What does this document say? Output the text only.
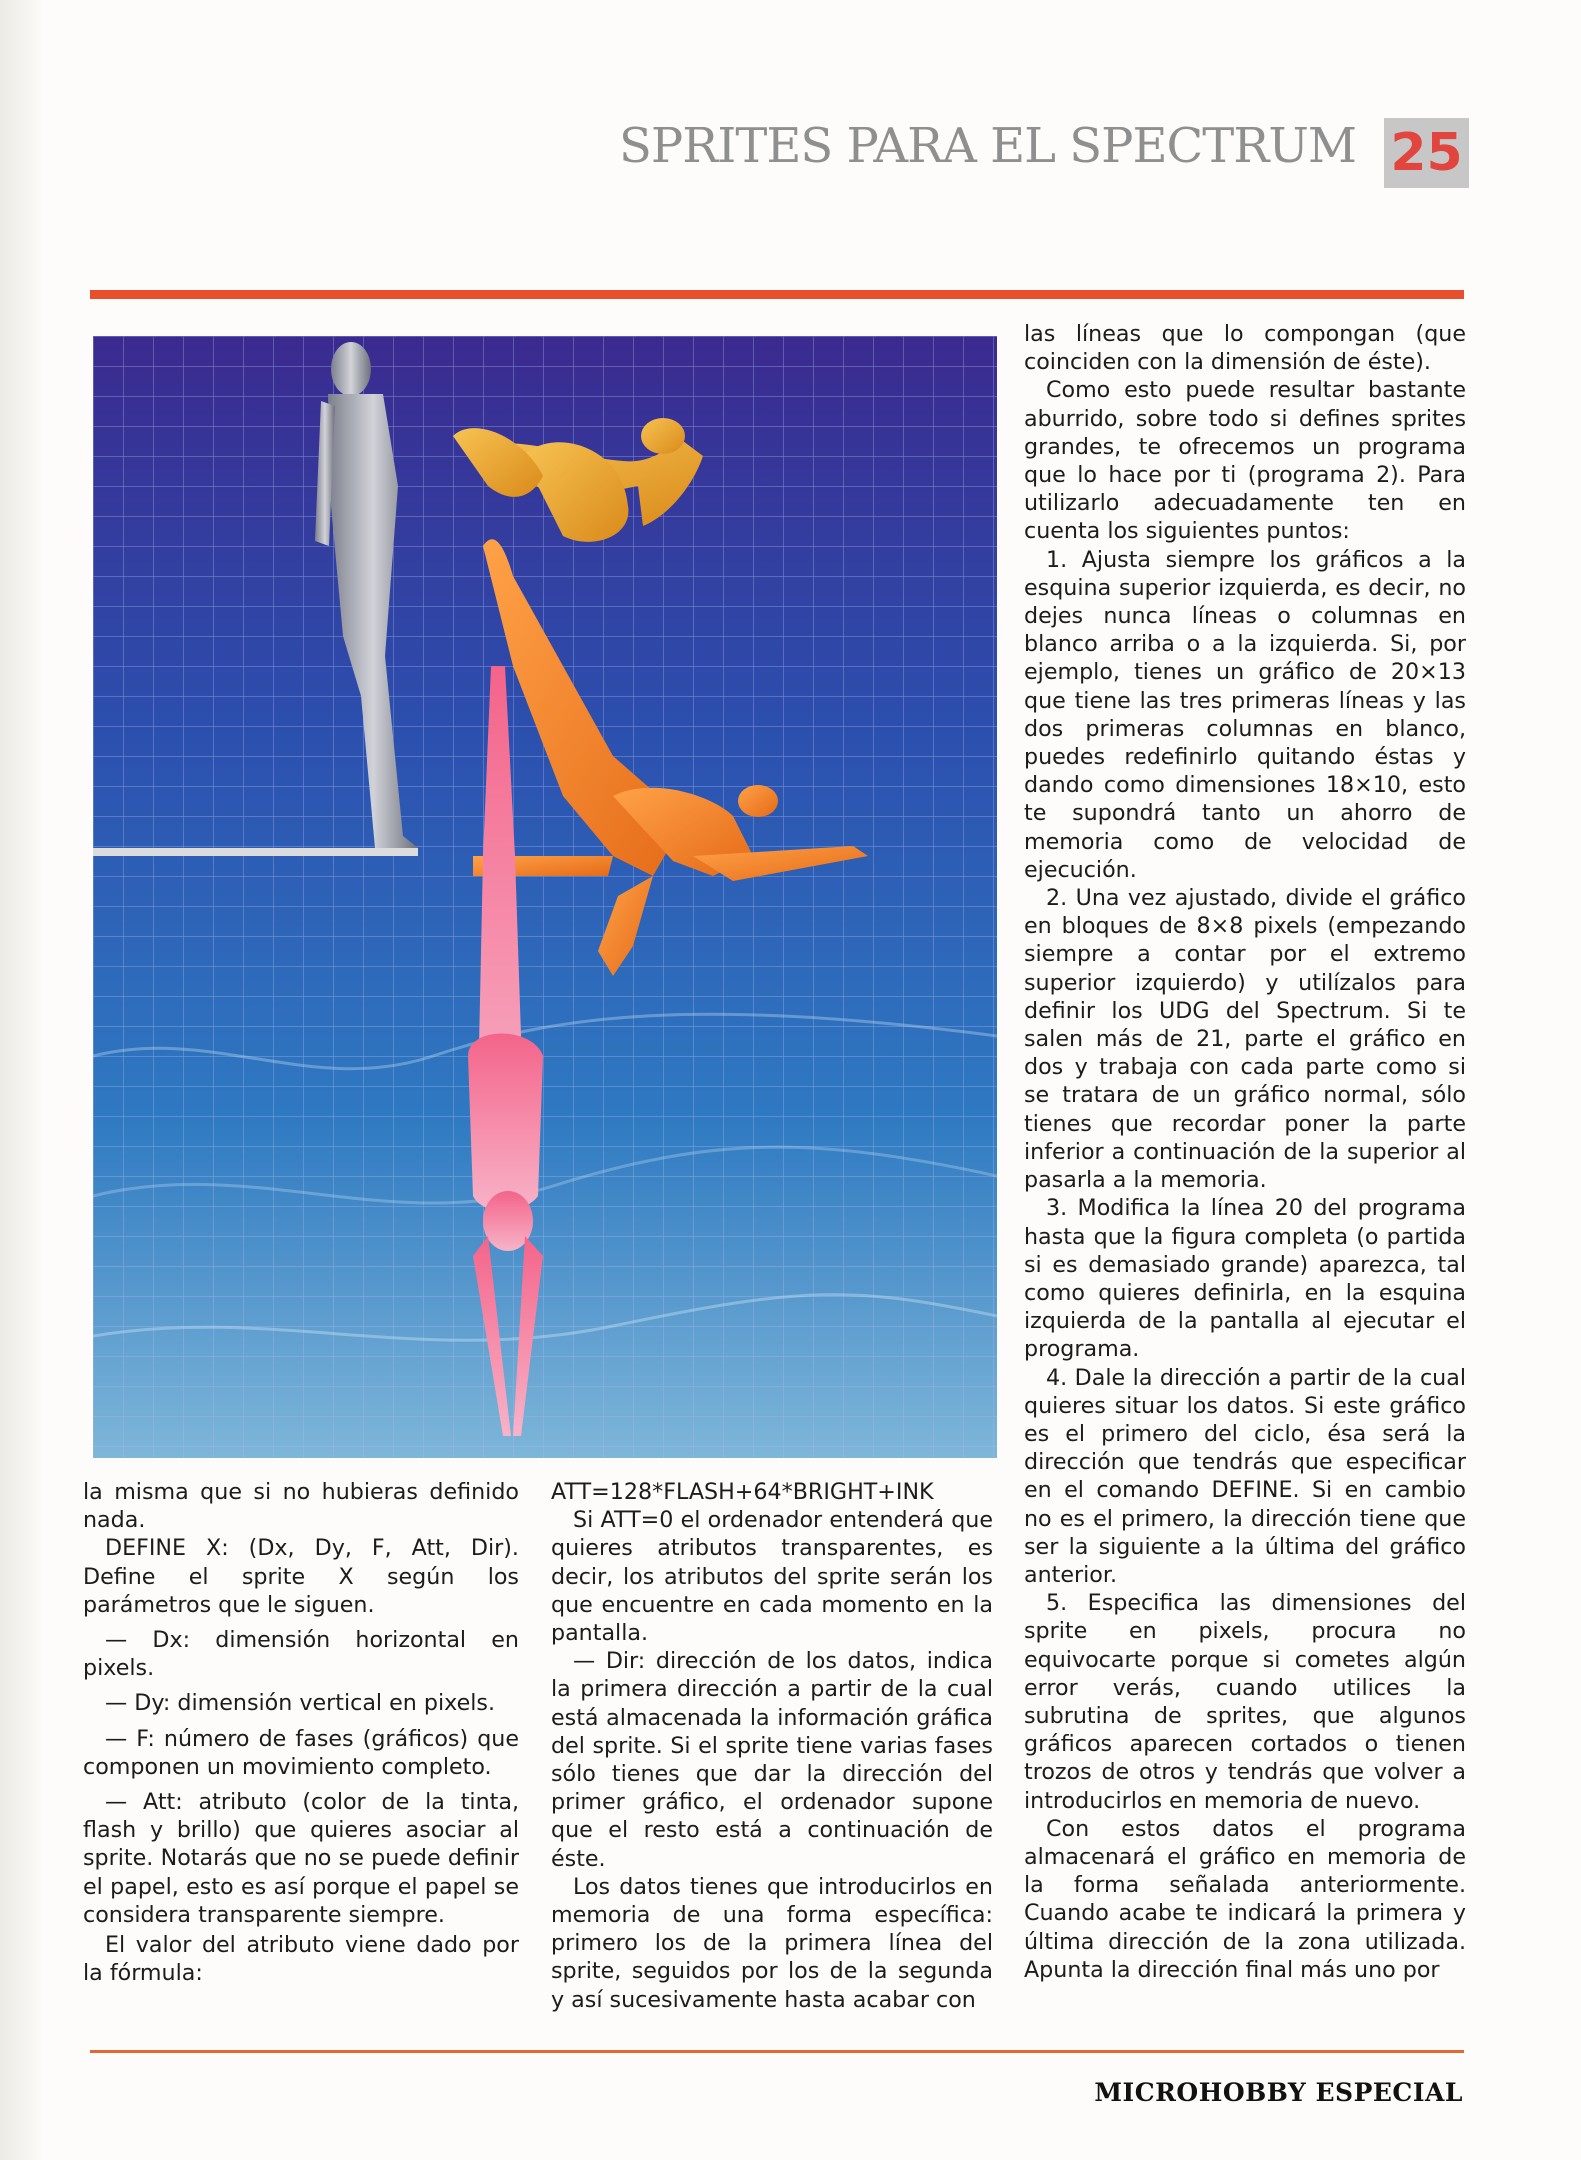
SPRITES PARA EL SPECTRUM 25

la misma que si no hubieras definido nada.

DEFINE X: (Dx, Dy, F, Att, Dir). Define el sprite X según los parámetros que le siguen.

— Dx: dimensión horizontal en pixels.

— Dy: dimensión vertical en pixels.

— F: número de fases (gráficos) que componen un movimiento completo.

— Att: atributo (color de la tinta, flash y brillo) que quieres asociar al sprite. Notarás que no se puede definir el papel, esto es así porque el papel se considera transparente siempre.

El valor del atributo viene dado por la fórmula:

ATT=128*FLASH+64*BRIGHT+INK

Si ATT=0 el ordenador entenderá que quieres atributos transparentes, es decir, los atributos del sprite serán los que encuentre en cada momento en la pantalla.

— Dir: dirección de los datos, indica la primera dirección a partir de la cual está almacenada la información gráfica del sprite. Si el sprite tiene varias fases sólo tienes que dar la dirección del primer gráfico, el ordenador supone que el resto está a continuación de éste.

Los datos tienes que introducirlos en memoria de una forma específica: primero los de la primera línea del sprite, seguidos por los de la segunda y así sucesivamente hasta acabar con

las líneas que lo compongan (que coinciden con la dimensión de éste).

Como esto puede resultar bastante aburrido, sobre todo si defines sprites grandes, te ofrecemos un programa que lo hace por ti (programa 2). Para utilizarlo adecuadamente ten en cuenta los siguientes puntos:

1. Ajusta siempre los gráficos a la esquina superior izquierda, es decir, no dejes nunca líneas o columnas en blanco arriba o a la izquierda. Si, por ejemplo, tienes un gráfico de 20×13 que tiene las tres primeras líneas y las dos primeras columnas en blanco, puedes redefinirlo quitando éstas y dando como dimensiones 18×10, esto te supondrá tanto un ahorro de memoria como de velocidad de ejecución.

2. Una vez ajustado, divide el gráfico en bloques de 8×8 pixels (empezando siempre a contar por el extremo superior izquierdo) y utilízalos para definir los UDG del Spectrum. Si te salen más de 21, parte el gráfico en dos y trabaja con cada parte como si se tratara de un gráfico normal, sólo tienes que recordar poner la parte inferior a continuación de la superior al pasarla a la memoria.

3. Modifica la línea 20 del programa hasta que la figura completa (o partida si es demasiado grande) aparezca, tal como quieres definirla, en la esquina izquierda de la pantalla al ejecutar el programa.

4. Dale la dirección a partir de la cual quieres situar los datos. Si este gráfico es el primero del ciclo, ésa será la dirección que tendrás que especificar en el comando DEFINE. Si en cambio no es el primero, la dirección tiene que ser la siguiente a la última del gráfico anterior.

5. Especifica las dimensiones del sprite en pixels, procura no equivocarte porque si cometes algún error verás, cuando utilices la subrutina de sprites, que algunos gráficos aparecen cortados o tienen trozos de otros y tendrás que volver a introducirlos en memoria de nuevo.

Con estos datos el programa almacenará el gráfico en memoria de la forma señalada anteriormente. Cuando acabe te indicará la primera y última dirección de la zona utilizada. Apunta la dirección final más uno por

MICROHOBBY ESPECIAL
